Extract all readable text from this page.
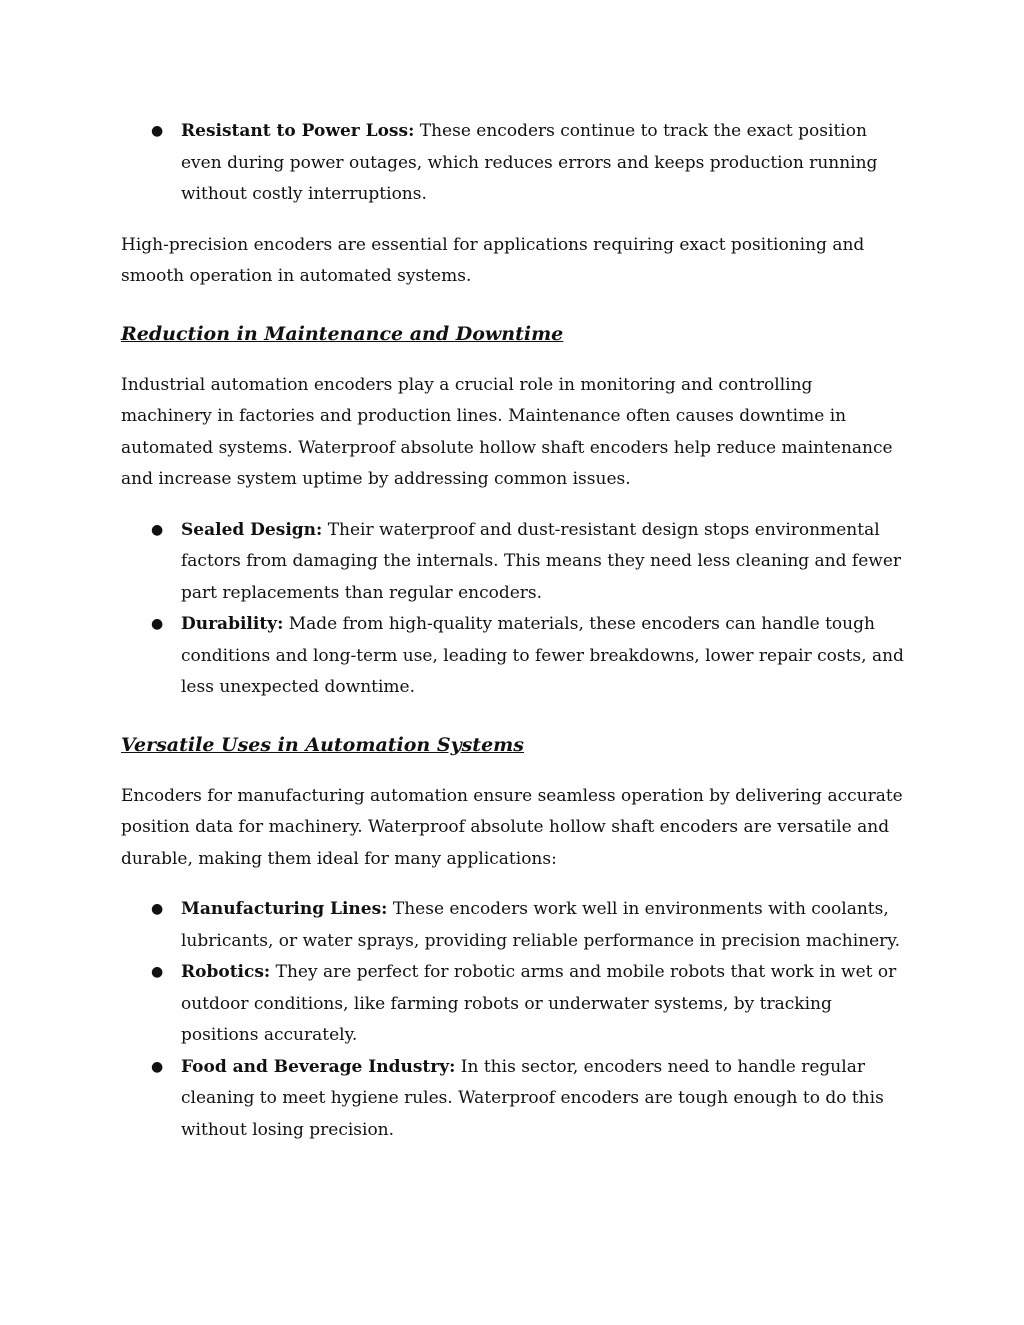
● Resistant to Power Loss: These encoders continue to track the exact position even during power outages, which reduces errors and keeps production running without costly interruptions.

High-precision encoders are essential for applications requiring exact positioning and smooth operation in automated systems.

Reduction in Maintenance and Downtime

Industrial automation encoders play a crucial role in monitoring and controlling machinery in factories and production lines. Maintenance often causes downtime in automated systems. Waterproof absolute hollow shaft encoders help reduce maintenance and increase system uptime by addressing common issues.

● Sealed Design: Their waterproof and dust-resistant design stops environmental factors from damaging the internals. This means they need less cleaning and fewer part replacements than regular encoders.
● Durability: Made from high-quality materials, these encoders can handle tough conditions and long-term use, leading to fewer breakdowns, lower repair costs, and less unexpected downtime.
Versatile Uses in Automation Systems

Encoders for manufacturing automation ensure seamless operation by delivering accurate position data for machinery. Waterproof absolute hollow shaft encoders are versatile and durable, making them ideal for many applications:

● Manufacturing Lines: These encoders work well in environments with coolants, lubricants, or water sprays, providing reliable performance in precision machinery.
● Robotics: They are perfect for robotic arms and mobile robots that work in wet or outdoor conditions, like farming robots or underwater systems, by tracking positions accurately.
● Food and Beverage Industry: In this sector, encoders need to handle regular cleaning to meet hygiene rules. Waterproof encoders are tough enough to do this without losing precision.
